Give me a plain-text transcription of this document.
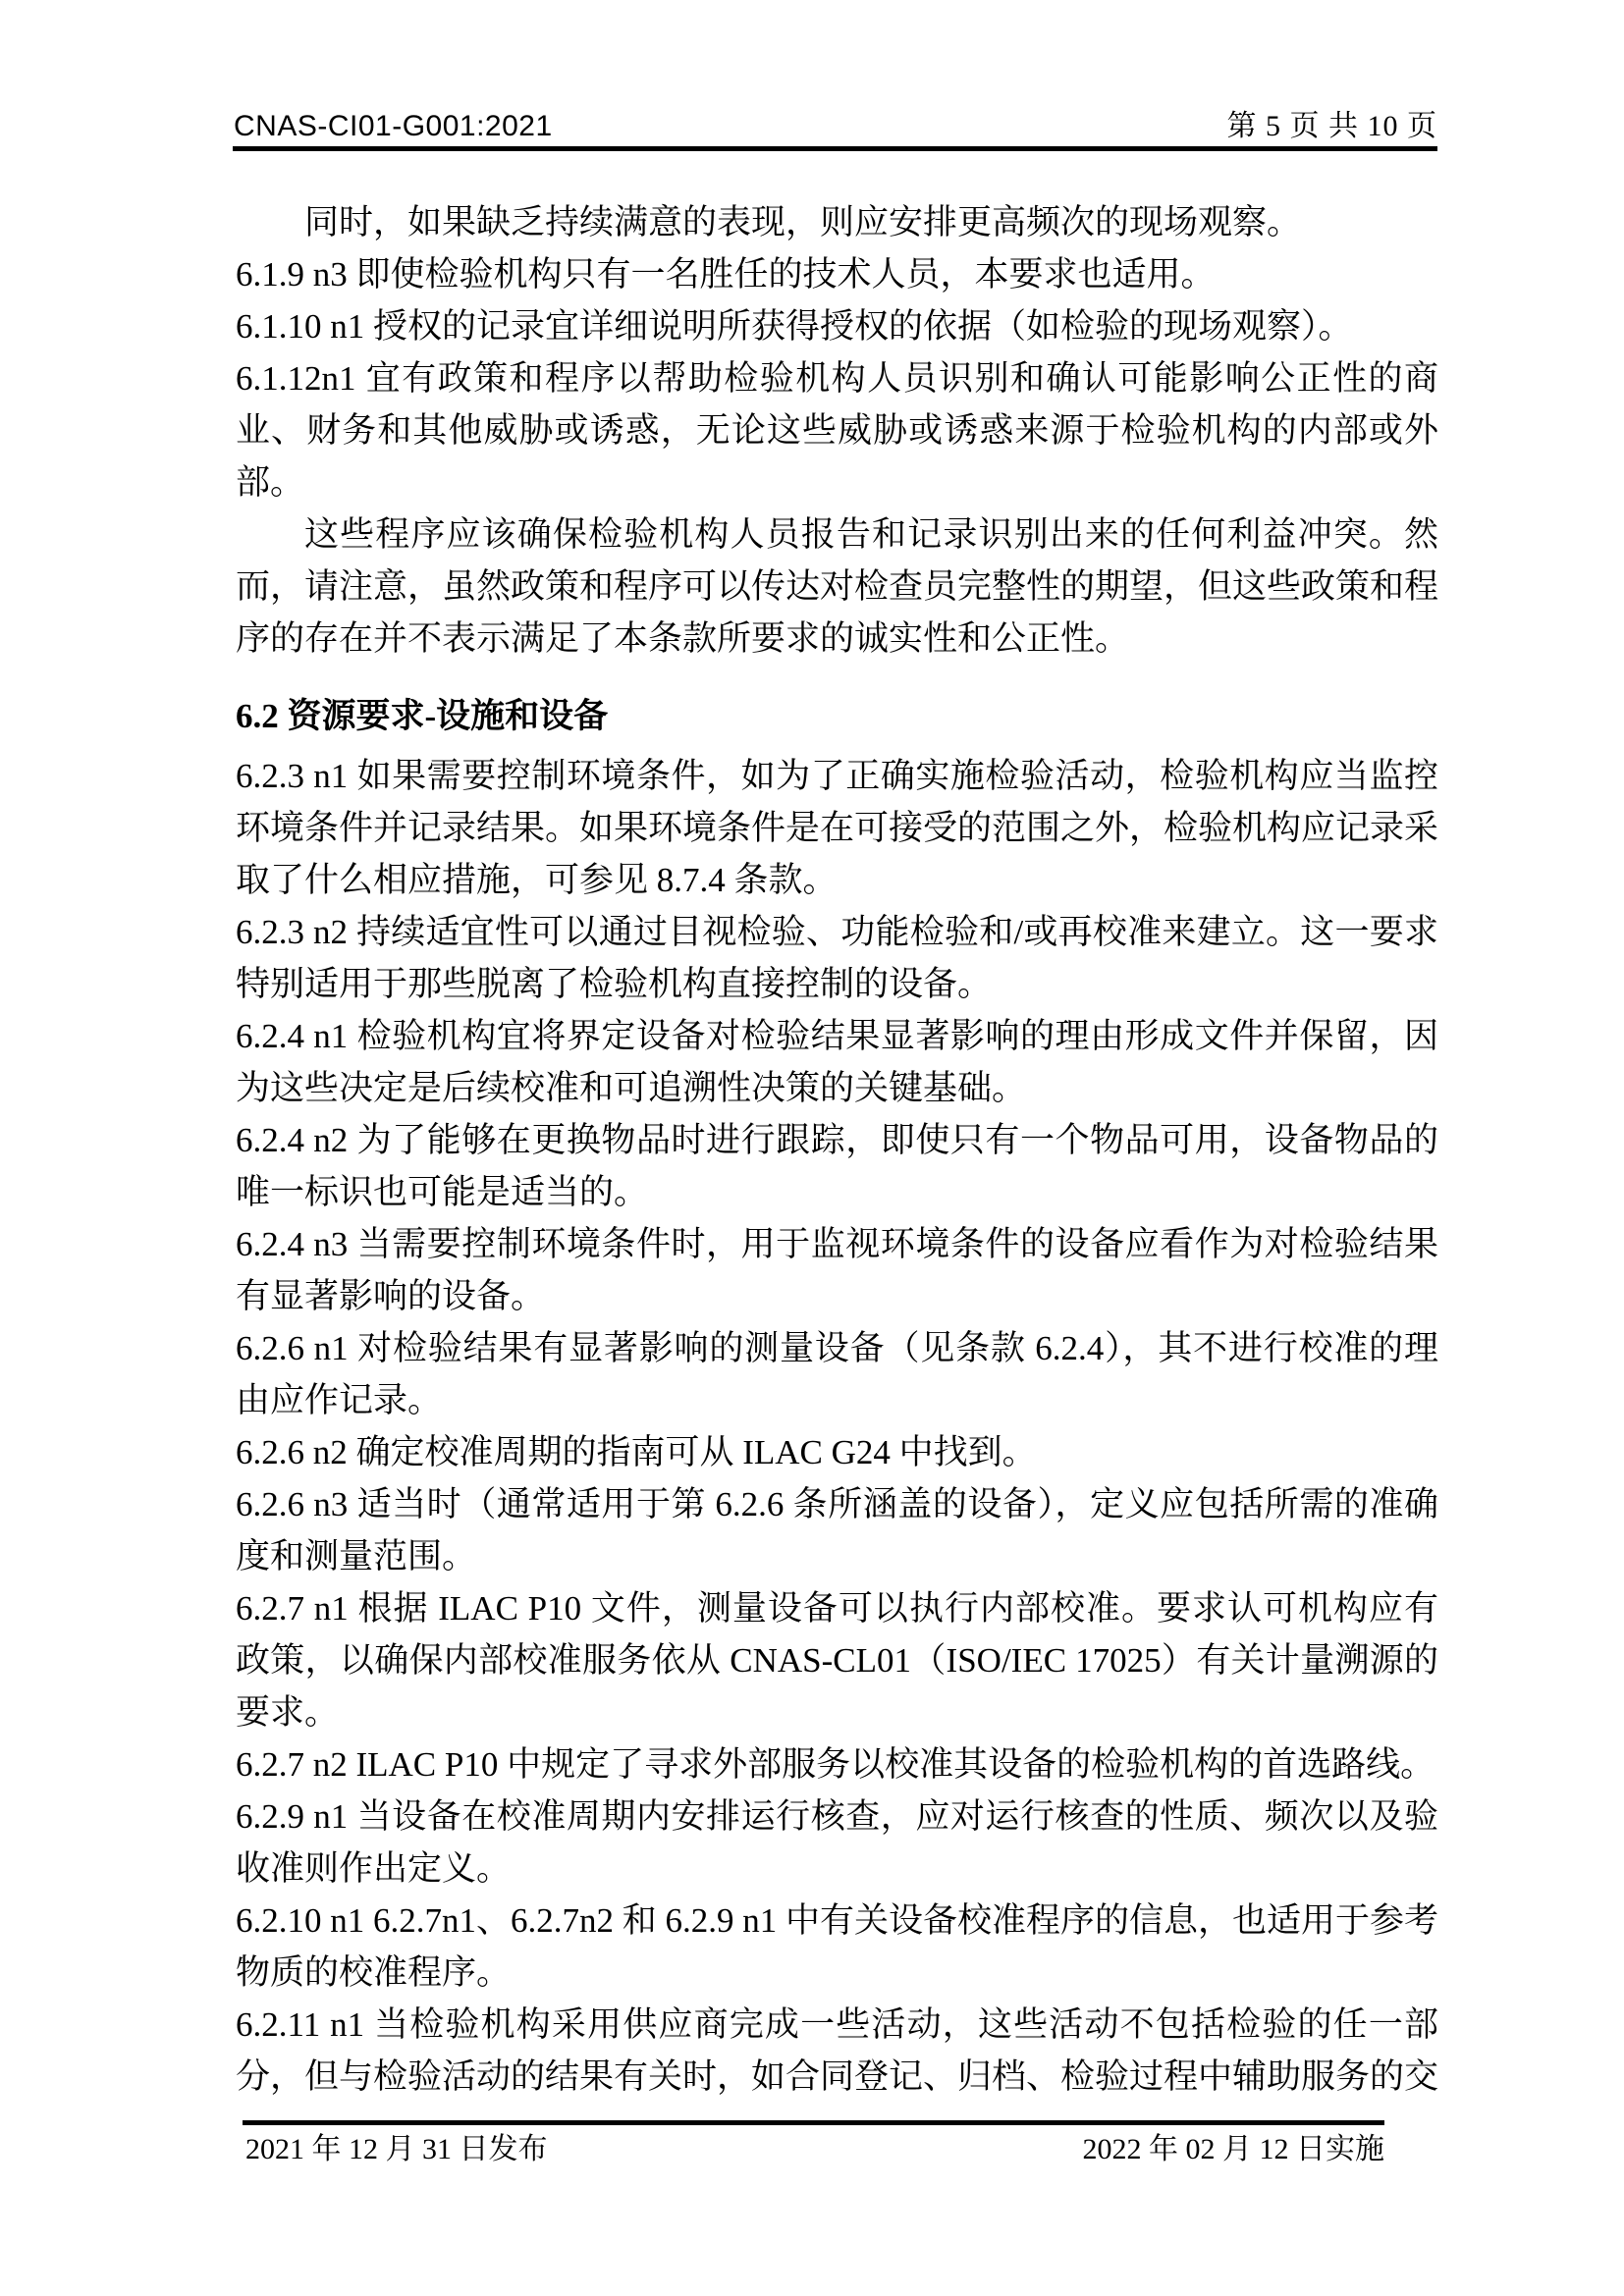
CNAS-CI01-G001:2021	第 5 页 共 10 页

同时，如果缺乏持续满意的表现，则应安排更高频次的现场观察。

6.1.9 n3 即使检验机构只有一名胜任的技术人员，本要求也适用。

6.1.10 n1 授权的记录宜详细说明所获得授权的依据（如检验的现场观察）。

6.1.12n1 宜有政策和程序以帮助检验机构人员识别和确认可能影响公正性的商业、财务和其他威胁或诱惑，无论这些威胁或诱惑来源于检验机构的内部或外部。

这些程序应该确保检验机构人员报告和记录识别出来的任何利益冲突。然而，请注意，虽然政策和程序可以传达对检查员完整性的期望，但这些政策和程序的存在并不表示满足了本条款所要求的诚实性和公正性。

6.2 资源要求-设施和设备

6.2.3 n1 如果需要控制环境条件，如为了正确实施检验活动，检验机构应当监控环境条件并记录结果。如果环境条件是在可接受的范围之外，检验机构应记录采取了什么相应措施，可参见 8.7.4 条款。

6.2.3 n2 持续适宜性可以通过目视检验、功能检验和/或再校准来建立。这一要求特别适用于那些脱离了检验机构直接控制的设备。

6.2.4 n1 检验机构宜将界定设备对检验结果显著影响的理由形成文件并保留，因为这些决定是后续校准和可追溯性决策的关键基础。

6.2.4 n2 为了能够在更换物品时进行跟踪，即使只有一个物品可用，设备物品的唯一标识也可能是适当的。

6.2.4 n3 当需要控制环境条件时，用于监视环境条件的设备应看作为对检验结果有显著影响的设备。

6.2.6 n1 对检验结果有显著影响的测量设备（见条款 6.2.4），其不进行校准的理由应作记录。

6.2.6 n2 确定校准周期的指南可从 ILAC G24 中找到。

6.2.6 n3 适当时（通常适用于第 6.2.6 条所涵盖的设备），定义应包括所需的准确度和测量范围。

6.2.7 n1 根据 ILAC P10 文件，测量设备可以执行内部校准。要求认可机构应有政策，以确保内部校准服务依从 CNAS-CL01（ISO/IEC 17025）有关计量溯源的要求。

6.2.7 n2 ILAC P10 中规定了寻求外部服务以校准其设备的检验机构的首选路线。

6.2.9 n1 当设备在校准周期内安排运行核查，应对运行核查的性质、频次以及验收准则作出定义。

6.2.10 n1 6.2.7n1、6.2.7n2 和 6.2.9 n1 中有关设备校准程序的信息，也适用于参考物质的校准程序。

6.2.11 n1 当检验机构采用供应商完成一些活动，这些活动不包括检验的任一部分，但与检验活动的结果有关时，如合同登记、归档、检验过程中辅助服务的交

2021 年 12 月 31 日发布	2022 年 02 月 12 日实施
